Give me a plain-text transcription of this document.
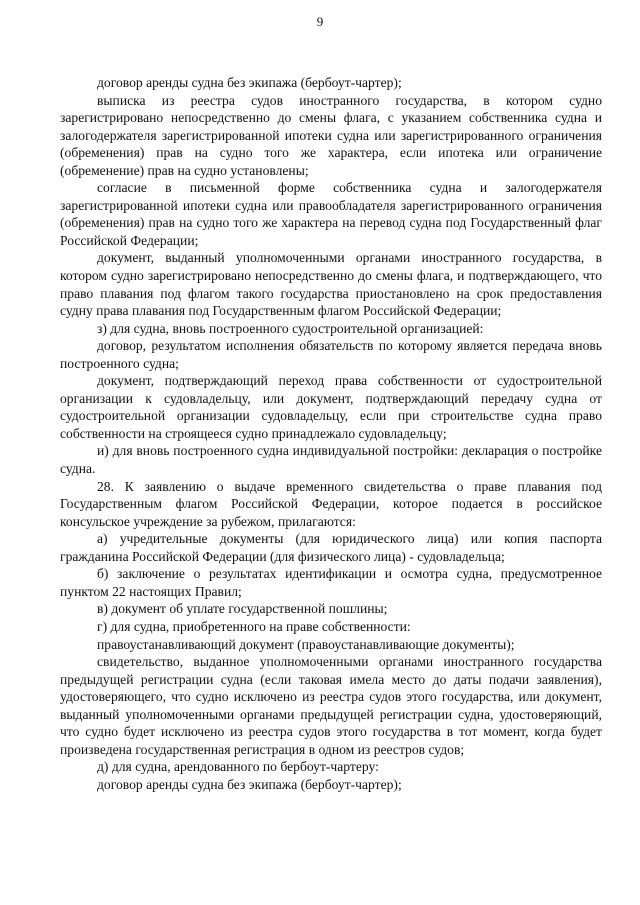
9

договор аренды судна без экипажа (бербоут-чартер);

выписка из реестра судов иностранного государства, в котором судно зарегистрировано непосредственно до смены флага, с указанием собственника судна и залогодержателя зарегистрированной ипотеки судна или зарегистрированного ограничения (обременения) прав на судно того же характера, если ипотека или ограничение (обременение) прав на судно установлены;

согласие в письменной форме собственника судна и залогодержателя зарегистрированной ипотеки судна или правообладателя зарегистрированного ограничения (обременения) прав на судно того же характера на перевод судна под Государственный флаг Российской Федерации;

документ, выданный уполномоченными органами иностранного государства, в котором судно зарегистрировано непосредственно до смены флага, и подтверждающего, что право плавания под флагом такого государства приостановлено на срок предоставления судну права плавания под Государственным флагом Российской Федерации;

з) для судна, вновь построенного судостроительной организацией:

договор, результатом исполнения обязательств по которому является передача вновь построенного судна;

документ, подтверждающий переход права собственности от судостроительной организации к судовладельцу, или документ, подтверждающий передачу судна от судостроительной организации судовладельцу, если при строительстве судна право собственности на строящееся судно принадлежало судовладельцу;

и) для вновь построенного судна индивидуальной постройки: декларация о постройке судна.

28. К заявлению о выдаче временного свидетельства о праве плавания под Государственным флагом Российской Федерации, которое подается в российское консульское учреждение за рубежом, прилагаются:

а) учредительные документы (для юридического лица) или копия паспорта гражданина Российской Федерации (для физического лица) - судовладельца;

б) заключение о результатах идентификации и осмотра судна, предусмотренное пунктом 22 настоящих Правил;

в) документ об уплате государственной пошлины;

г) для судна, приобретенного на праве собственности:

правоустанавливающий документ (правоустанавливающие документы);

свидетельство, выданное уполномоченными органами иностранного государства предыдущей регистрации судна (если таковая имела место до даты подачи заявления), удостоверяющего, что судно исключено из реестра судов этого государства, или документ, выданный уполномоченными органами предыдущей регистрации судна, удостоверяющий, что судно будет исключено из реестра судов этого государства в тот момент, когда будет произведена государственная регистрация в одном из реестров судов;

д) для судна, арендованного по бербоут-чартеру:

договор аренды судна без экипажа (бербоут-чартер);
